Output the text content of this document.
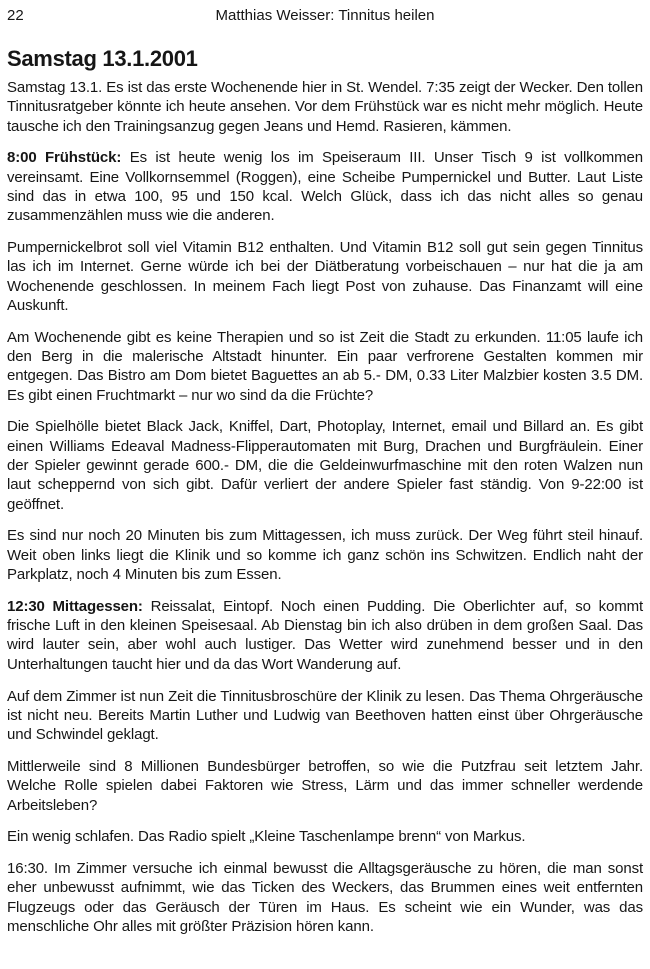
22	Matthias Weisser: Tinnitus heilen
Samstag 13.1.2001

Samstag 13.1. Es ist das erste Wochenende hier in St. Wendel. 7:35 zeigt der Wecker. Den tollen Tinnitusratgeber könnte ich heute ansehen. Vor dem Frühstück war es nicht mehr möglich. Heute tausche ich den Trainingsanzug gegen Jeans und Hemd. Rasieren, kämmen.

8:00 Frühstück: Es ist heute wenig los im Speiseraum III. Unser Tisch 9 ist vollkommen vereinsamt. Eine Vollkornsemmel (Roggen), eine Scheibe Pumpernickel und Butter. Laut Liste sind das in etwa 100, 95 und 150 kcal. Welch Glück, dass ich das nicht alles so genau zusammenzählen muss wie die anderen.

Pumpernickelbrot soll viel Vitamin B12 enthalten. Und Vitamin B12 soll gut sein gegen Tinnitus las ich im Internet. Gerne würde ich bei der Diätberatung vorbeischauen – nur hat die ja am Wochenende geschlossen. In meinem Fach liegt Post von zuhause. Das Finanzamt will eine Auskunft.

Am Wochenende gibt es keine Therapien und so ist Zeit die Stadt zu erkunden. 11:05 laufe ich den Berg in die malerische Altstadt hinunter. Ein paar verfrorene Gestalten kommen mir entgegen. Das Bistro am Dom bietet Baguettes an ab 5.- DM, 0.33 Liter Malzbier kosten 3.5 DM. Es gibt einen Fruchtmarkt – nur wo sind da die Früchte?

Die Spielhölle bietet Black Jack, Kniffel, Dart, Photoplay, Internet, email und Billard an. Es gibt einen Williams Edeaval Madness-Flipperautomaten mit Burg, Drachen und Burgfräulein. Einer der Spieler gewinnt gerade 600.- DM, die die Geldeinwurfmaschine mit den roten Walzen nun laut scheppernd von sich gibt. Dafür verliert der andere Spieler fast ständig. Von 9-22:00 ist geöffnet.

Es sind nur noch 20 Minuten bis zum Mittagessen, ich muss zurück. Der Weg führt steil hinauf. Weit oben links liegt die Klinik und so komme ich ganz schön ins Schwitzen. Endlich naht der Parkplatz, noch 4 Minuten bis zum Essen.

12:30 Mittagessen: Reissalat, Eintopf. Noch einen Pudding. Die Oberlichter auf, so kommt frische Luft in den kleinen Speisesaal. Ab Dienstag bin ich also drüben in dem großen Saal. Das wird lauter sein, aber wohl auch lustiger. Das Wetter wird zunehmend besser und in den Unterhaltungen taucht hier und da das Wort Wanderung auf.

Auf dem Zimmer ist nun Zeit die Tinnitusbroschüre der Klinik zu lesen. Das Thema Ohrgeräusche ist nicht neu. Bereits Martin Luther und Ludwig van Beethoven hatten einst über Ohrgeräusche und Schwindel geklagt.

Mittlerweile sind 8 Millionen Bundesbürger betroffen, so wie die Putzfrau seit letztem Jahr. Welche Rolle spielen dabei Faktoren wie Stress, Lärm und das immer schneller werdende Arbeitsleben?

Ein wenig schlafen. Das Radio spielt „Kleine Taschenlampe brenn“ von Markus.

16:30. Im Zimmer versuche ich einmal bewusst die Alltagsgeräusche zu hören, die man sonst eher unbewusst aufnimmt, wie das Ticken des Weckers, das Brummen eines weit entfernten Flugzeugs oder das Geräusch der Türen im Haus. Es scheint wie ein Wunder, was das menschliche Ohr alles mit größter Präzision hören kann.
